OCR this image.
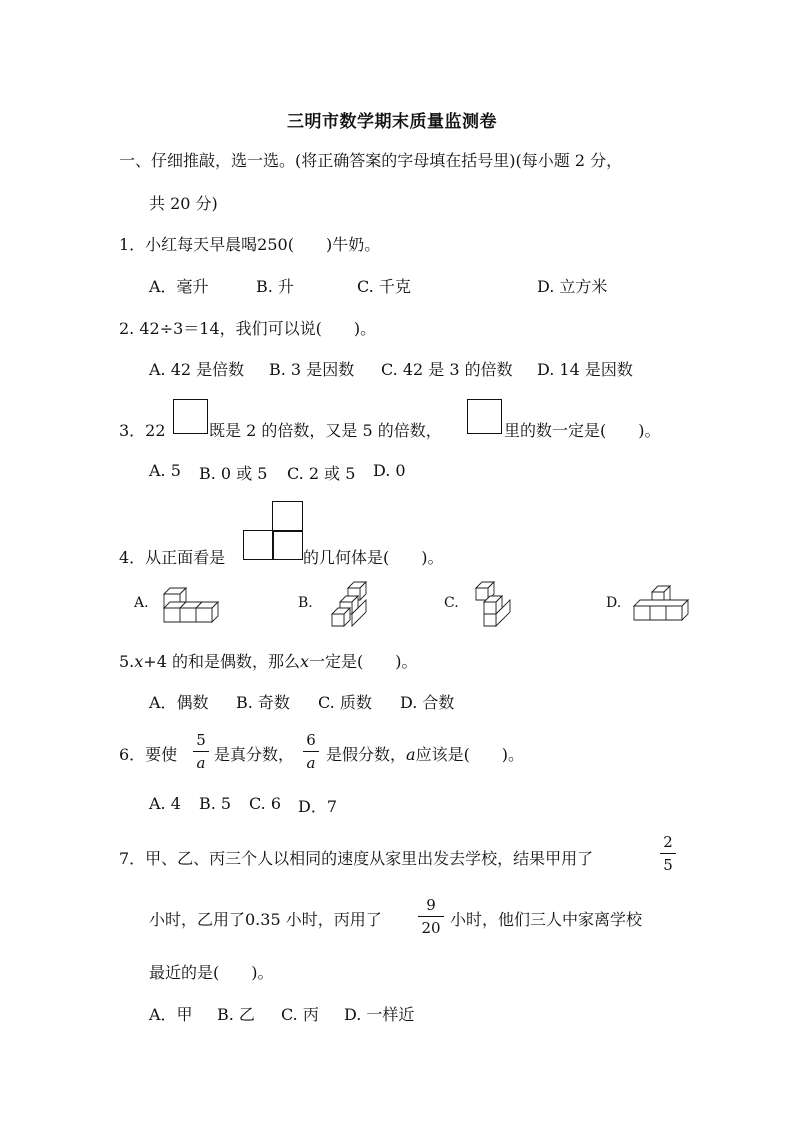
三明市数学期末质量监测卷
一、仔细推敲，选一选。(将正确答案的字母填在括号里)(每小题 2 分，
共 20 分)
1．小红每天早晨喝250(　　)牛奶。
A．毫升	B. 升	C. 千克	D. 立方米
2. 42÷3＝14，我们可以说(　　)。
A. 42 是倍数 B. 3 是因数 C. 42 是 3 的倍数 D. 14 是因数
3．22	既是 2 的倍数，又是 5 的倍数，	里的数一定是(　　)。
A. 5 B. 0 或 5 C. 2 或 5 D. 0
4．从正面看是	的几何体是(　　)。
A.	B.	C.	D.
5.x+4 的和是偶数，那么x一定是(　　)。
A．偶数 B. 奇数 C. 质数 D. 合数
6．要使
5
a 是真分数，
6
a 是假分数，a应该是(　　)。
A. 4 B. 5 C. 6 D．7
7．甲、乙、丙三个人以相同的速度从家里出发去学校，结果甲用了
2
5
小时，乙用了0.35 小时，丙用了
9
20 小时，他们三人中家离学校
最近的是(　　)。
A．甲 B. 乙 C. 丙 D. 一样近
